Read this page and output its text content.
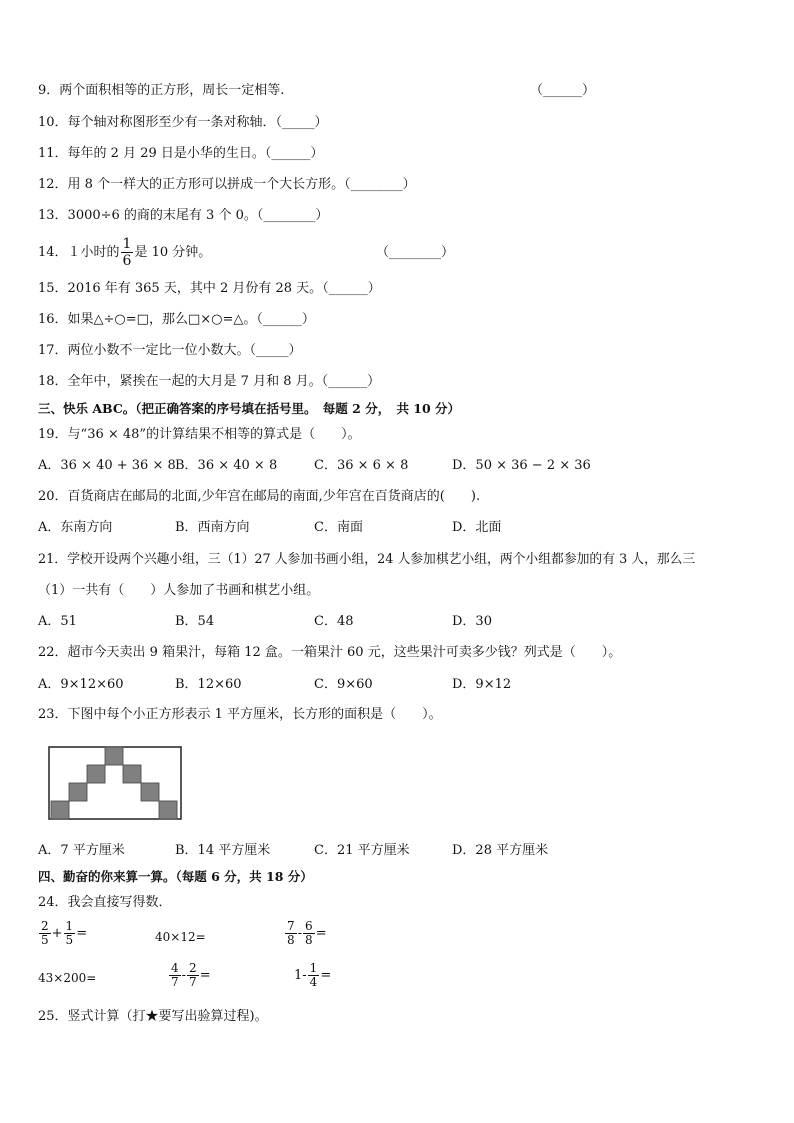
9．两个面积相等的正方形，周长一定相等.	（______）
10．每个轴对称图形至少有一条对称轴．（_____）
11．每年的 2 月 29 日是小华的生日。（______）
12．用 8 个一样大的正方形可以拼成一个大长方形。（________）
13．3000÷6 的商的末尾有 3 个 0。（________）
14．１小时的 $\frac{1}{6}$ 是 10 分钟。	（________）
15．2016 年有 365 天，其中 2 月份有 28 天。（______）
16．如果△÷○=□，那么□×○=△。（______）
17．两位小数不一定比一位小数大。（_____）
18．全年中，紧挨在一起的大月是 7 月和 8 月。（______）
三、快乐 ABC。（把正确答案的序号填在括号里。　每题 2 分，　共 10 分）
19．与“36 × 48”的计算结果不相等的算式是（　　）。
A．36 × 40 + 36 × 8 B．36 × 40 × 8	C．36 × 6 × 8	D．50 × 36 − 2 × 36
20．百货商店在邮局的北面,少年宫在邮局的南面,少年宫在百货商店的(　　).
A．东南方向	B．西南方向	C．南面	D．北面
21．学校开设两个兴趣小组，三（1）27 人参加书画小组，24 人参加棋艺小组，两个小组都参加的有 3 人，那么三
（1）一共有（　　）人参加了书画和棋艺小组。
A．51	B．54	C．48	D．30
22．超市今天卖出 9 箱果汁，每箱 12 盒。一箱果汁 60 元，这些果汁可卖多少钱？列式是（　　）。
A．9×12×60	B．12×60	C．9×60	D．9×12
23．下图中每个小正方形表示 1 平方厘米，长方形的面积是（　　）。
A．7 平方厘米	B．14 平方厘米	C．21 平方厘米	D．28 平方厘米
四、勤奋的你来算一算。（每题 6 分，共 18 分）
24．我会直接写得数．
$\frac{2}{5} + \frac{1}{5}$ =	40×12=	$\frac{7}{8} - \frac{6}{8}$ =
43×200=	$\frac{4}{7} - \frac{2}{7}$ =	$1- \frac{1}{4}$ =
25．竖式计算（打★要写出验算过程)。
